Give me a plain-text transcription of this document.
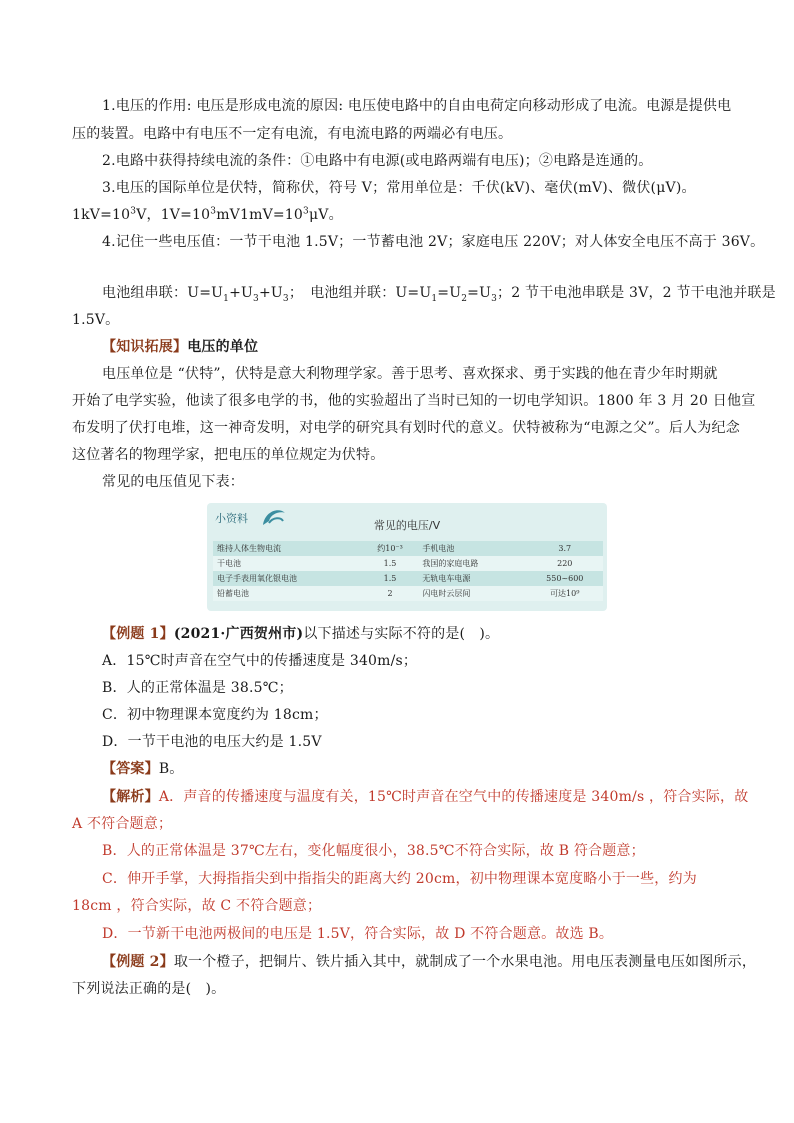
1.电压的作用: 电压是形成电流的原因: 电压使电路中的自由电荷定向移动形成了电流。电源是提供电
压的装置。电路中有电压不一定有电流，有电流电路的两端必有电压。
2.电路中获得持续电流的条件：①电路中有电源(或电路两端有电压)；②电路是连通的。
3.电压的国际单位是伏特，简称伏，符号 V；常用单位是：千伏(kV)、毫伏(mV)、微伏(μV)。
$1kV=10^3V$，$1V=10^3mV1mV=10^3\mu V$。
4.记住一些电压值：一节干电池 1.5V；一节蓄电池 2V；家庭电压 220V；对人体安全电压不高于 36V。
电池组串联：$U=U_1+U_3+U_3$；　电池组并联：$U=U_1=U_2=U_3$；2 节干电池串联是 3V，2 节干电池并联是
1.5V。
【知识拓展】电压的单位
电压单位是 “伏特”，伏特是意大利物理学家。善于思考、喜欢探求、勇于实践的他在青少年时期就
开始了电学实验，他读了很多电学的书，他的实验超出了当时已知的一切电学知识。1800 年 3 月 20 日他宣
布发明了伏打电堆，这一神奇发明，对电学的研究具有划时代的意义。伏特被称为“电源之父”。后人为纪念
这位著名的物理学家，把电压的单位规定为伏特。
常见的电压值见下表：
小资料
常见的电压/V
维持人体生物电流	约10⁻³	手机电池	3.7
干电池	1.5	我国的家庭电路	220
电子手表用氧化银电池	1.5	无轨电车电源	550~600
铅蓄电池	2	闪电时云层间	可达10⁹
【例题 1】(2021·广西贺州市)以下描述与实际不符的是(　)。
A．15℃时声音在空气中的传播速度是 340m/s；
B．人的正常体温是 38.5℃；
C．初中物理课本宽度约为 18cm；
D．一节干电池的电压大约是 1.5V
【答案】B。
【解析】A．声音的传播速度与温度有关，15℃时声音在空气中的传播速度是 340m/s ，符合实际，故
A 不符合题意；
B．人的正常体温是 37℃左右，变化幅度很小，38.5℃不符合实际，故 B 符合题意；
C．伸开手掌，大拇指指尖到中指指尖的距离大约 20cm，初中物理课本宽度略小于一些，约为
18cm ，符合实际，故 C 不符合题意；
D．一节新干电池两极间的电压是 1.5V，符合实际，故 D 不符合题意。故选 B。
【例题 2】取一个橙子，把铜片、铁片插入其中，就制成了一个水果电池。用电压表测量电压如图所示，
下列说法正确的是(　)。
